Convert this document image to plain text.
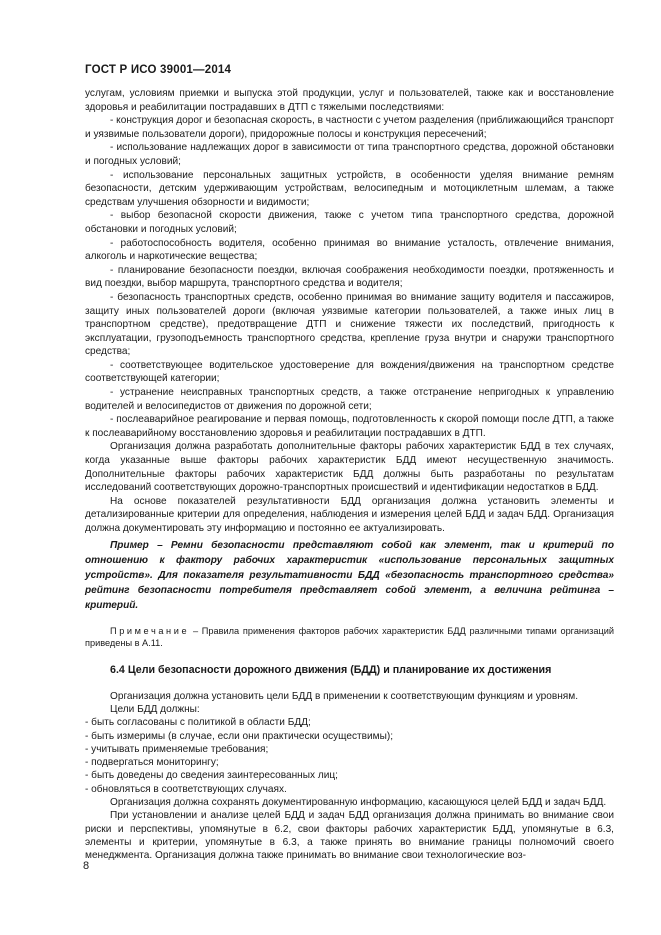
ГОСТ Р ИСО 39001—2014

услугам, условиям приемки и выпуска этой продукции, услуг и пользователей, также как и восстановление здоровья и реабилитации пострадавших в ДТП с тяжелыми последствиями:

- конструкция дорог и безопасная скорость, в частности с учетом разделения (приближающийся транспорт и уязвимые пользователи дороги), придорожные полосы и конструкция пересечений;

- использование надлежащих дорог в зависимости от типа транспортного средства, дорожной обстановки и погодных условий;

- использование персональных защитных устройств, в особенности уделяя внимание ремням безопасности, детским удерживающим устройствам, велосипедным и мотоциклетным шлемам, а также средствам улучшения обзорности и видимости;

- выбор безопасной скорости движения, также с учетом типа транспортного средства, дорожной обстановки и погодных условий;

- работоспособность водителя, особенно принимая во внимание усталость, отвлечение внимания, алкоголь и наркотические вещества;

- планирование безопасности поездки, включая соображения необходимости поездки, протяженность и вид поездки, выбор маршрута, транспортного средства и водителя;

- безопасность транспортных средств, особенно принимая во внимание защиту водителя и пассажиров, защиту иных пользователей дороги (включая уязвимые категории пользователей, а также иных лиц в транспортном средстве), предотвращение ДТП и снижение тяжести их последствий, пригодность к эксплуатации, грузоподъемность транспортного средства, крепление груза внутри и снаружи транспортного средства;

- соответствующее водительское удостоверение для вождения/движения на транспортном средстве соответствующей категории;

- устранение неисправных транспортных средств, а также отстранение непригодных к управлению водителей и велосипедистов от движения по дорожной сети;

- послеаварийное реагирование и первая помощь, подготовленность к скорой помощи после ДТП, а также к послеаварийному восстановлению здоровья и реабилитации пострадавших в ДТП.

Организация должна разработать дополнительные факторы рабочих характеристик БДД в тех случаях, когда указанные выше факторы рабочих характеристик БДД имеют несущественную значимость. Дополнительные факторы рабочих характеристик БДД должны быть разработаны по результатам исследований соответствующих дорожно-транспортных происшествий и идентификации недостатков в БДД.

На основе показателей результативности БДД организация должна установить элементы и детализированные критерии для определения, наблюдения и измерения целей БДД и задач БДД. Организация должна документировать эту информацию и постоянно ее актуализировать.

Пример – Ремни безопасности представляют собой как элемент, так и критерий по отношению к фактору рабочих характеристик «использование персональных защитных устройств». Для показателя результативности БДД «безопасность транспортного средства» рейтинг безопасности потребителя представляет собой элемент, а величина рейтинга – критерий.

Примечание – Правила применения факторов рабочих характеристик БДД различными типами организаций приведены в А.11.

6.4 Цели безопасности дорожного движения (БДД) и планирование их достижения

Организация должна установить цели БДД в применении к соответствующим функциям и уровням.

Цели БДД должны:

- быть согласованы с политикой в области БДД;

- быть измеримы (в случае, если они практически осуществимы);

- учитывать применяемые требования;

- подвергаться мониторингу;

- быть доведены до сведения заинтересованных лиц;

- обновляться в соответствующих случаях.

Организация должна сохранять документированную информацию, касающуюся целей БДД и задач БДД.

При установлении и анализе целей БДД и задач БДД организация должна принимать во внимание свои риски и перспективы, упомянутые в 6.2, свои факторы рабочих характеристик БДД, упомянутые в 6.3, элементы и критерии, упомянутые в 6.3, а также принять во внимание границы полномочий своего менеджмента. Организация должна также принимать во внимание свои технологические воз-

8
